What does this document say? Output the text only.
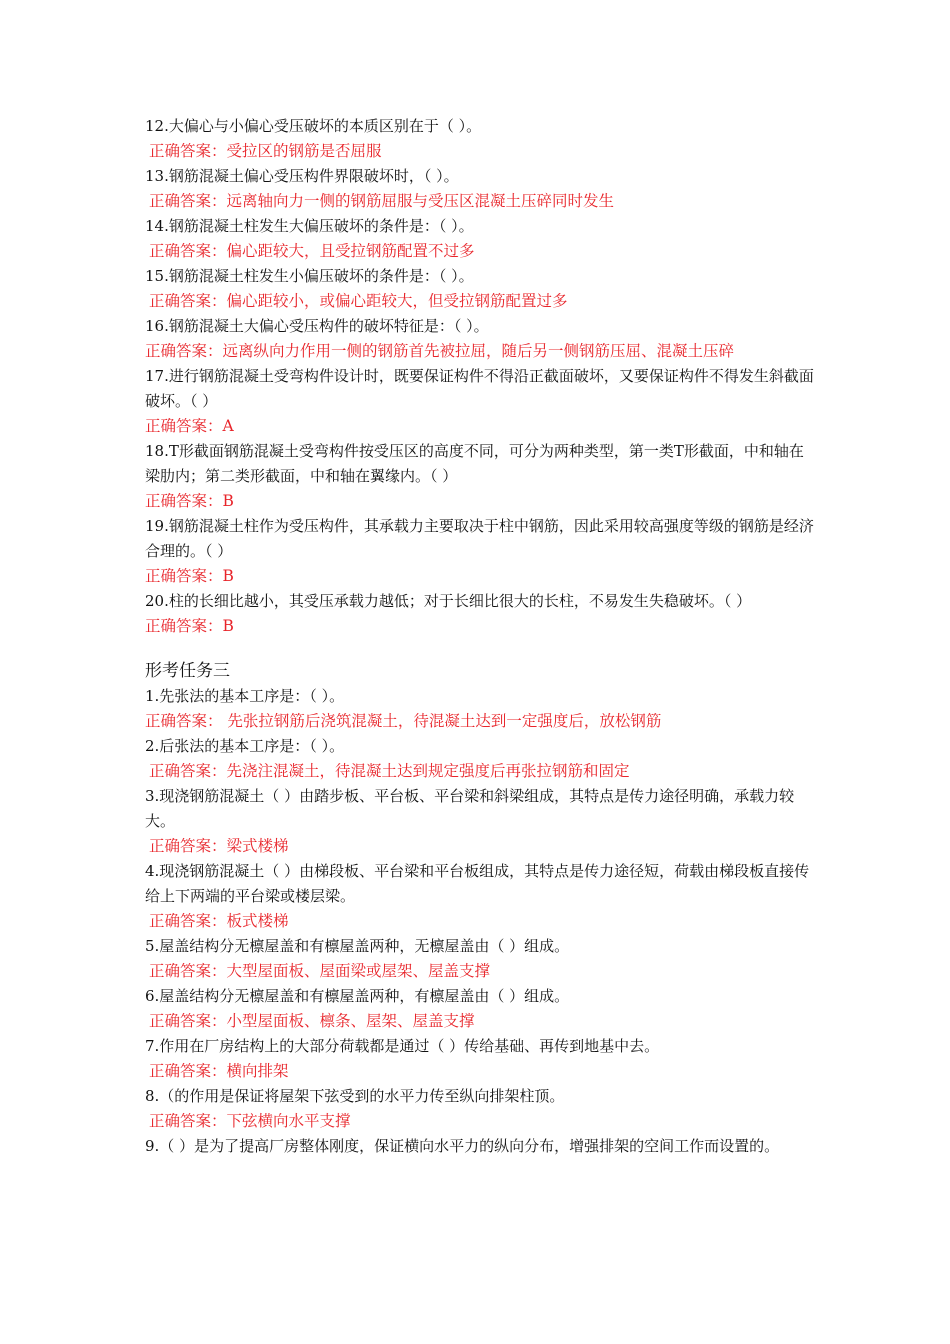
12.大偏心与小偏心受压破坏的本质区别在于（ ）。
正确答案：受拉区的钢筋是否屈服
13.钢筋混凝土偏心受压构件界限破坏时，（ ）。
正确答案：远离轴向力一侧的钢筋屈服与受压区混凝土压碎同时发生
14.钢筋混凝土柱发生大偏压破坏的条件是：（ ）。
正确答案：偏心距较大，且受拉钢筋配置不过多
15.钢筋混凝土柱发生小偏压破坏的条件是：（ ）。
正确答案：偏心距较小，或偏心距较大，但受拉钢筋配置过多
16.钢筋混凝土大偏心受压构件的破坏特征是：（ ）。
正确答案：远离纵向力作用一侧的钢筋首先被拉屈，随后另一侧钢筋压屈、混凝土压碎
17.进行钢筋混凝土受弯构件设计时，既要保证构件不得沿正截面破坏，又要保证构件不得发生斜截面破坏。（ ）
正确答案：A
18.T形截面钢筋混凝土受弯构件按受压区的高度不同，可分为两种类型，第一类T形截面，中和轴在梁肋内；第二类形截面，中和轴在翼缘内。（ ）
正确答案：B
19.钢筋混凝土柱作为受压构件，其承载力主要取决于柱中钢筋，因此采用较高强度等级的钢筋是经济合理的。（ ）
正确答案：B
20.柱的长细比越小，其受压承载力越低；对于长细比很大的长柱，不易发生失稳破坏。（ ）
正确答案：B
形考任务三
1.先张法的基本工序是：（ ）。
正确答案： 先张拉钢筋后浇筑混凝土，待混凝土达到一定强度后，放松钢筋
2.后张法的基本工序是：（ ）。
正确答案：先浇注混凝土，待混凝土达到规定强度后再张拉钢筋和固定
3.现浇钢筋混凝土（ ）由踏步板、平台板、平台梁和斜梁组成，其特点是传力途径明确，承载力较大。
正确答案：梁式楼梯
4.现浇钢筋混凝土（ ）由梯段板、平台梁和平台板组成，其特点是传力途径短，荷载由梯段板直接传给上下两端的平台梁或楼层梁。
正确答案：板式楼梯
5.屋盖结构分无檩屋盖和有檩屋盖两种，无檩屋盖由（ ）组成。
正确答案：大型屋面板、屋面梁或屋架、屋盖支撑
6.屋盖结构分无檩屋盖和有檩屋盖两种，有檩屋盖由（ ）组成。
正确答案：小型屋面板、檩条、屋架、屋盖支撑
7.作用在厂房结构上的大部分荷载都是通过（ ）传给基础、再传到地基中去。
正确答案：横向排架
8.（的作用是保证将屋架下弦受到的水平力传至纵向排架柱顶。
正确答案：下弦横向水平支撑
9.（ ）是为了提高厂房整体刚度，保证横向水平力的纵向分布，增强排架的空间工作而设置的。
